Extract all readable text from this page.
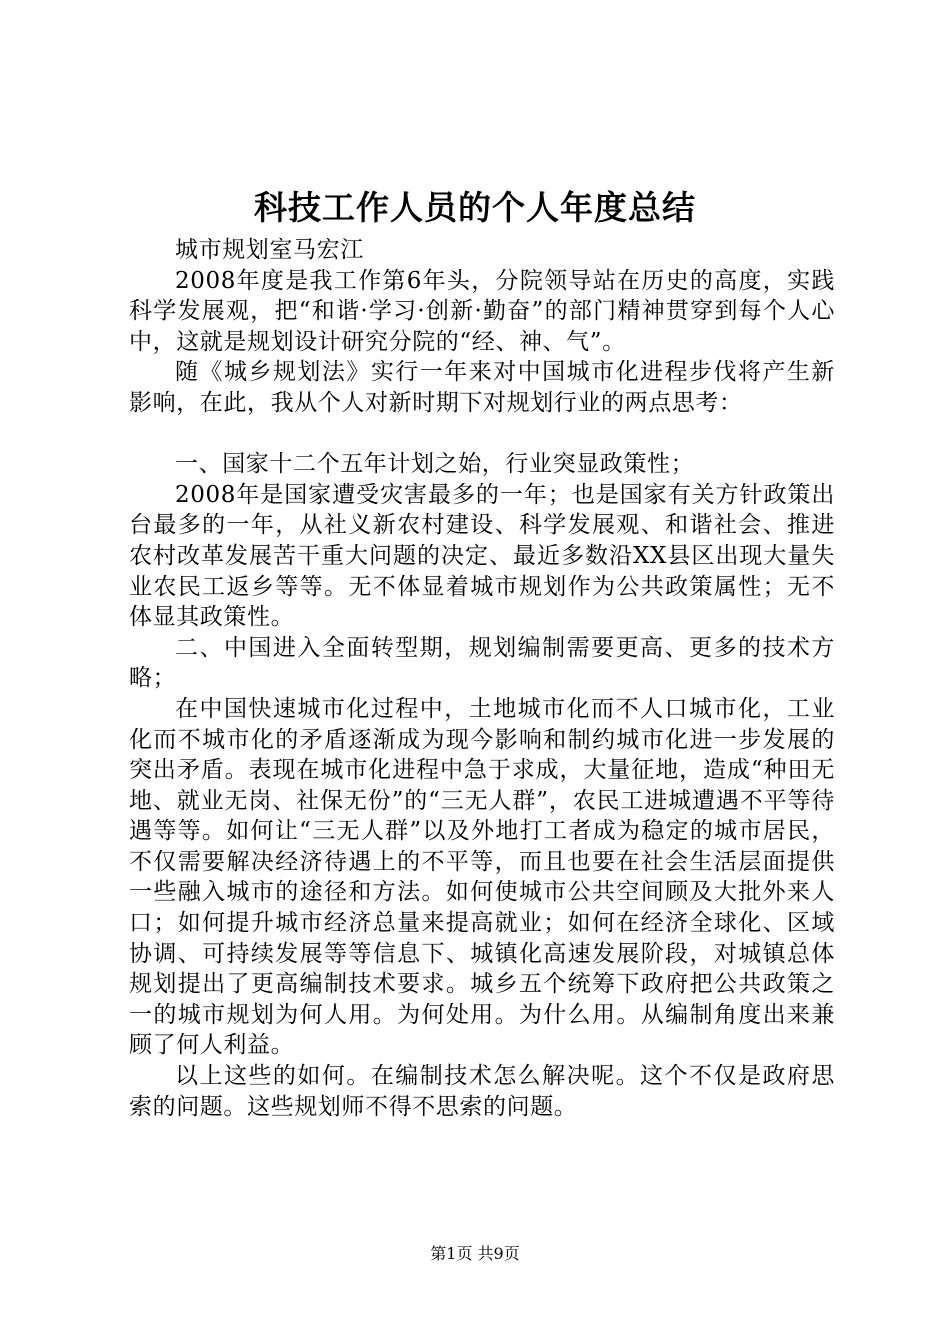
科技工作人员的个人年度总结

城市规划室马宏江

2008年度是我工作第6年头，分院领导站在历史的高度，实践科学发展观，把“和谐·学习·创新·勤奋”的部门精神贯穿到每个人心中，这就是规划设计研究分院的“经、神、气”。

随《城乡规划法》实行一年来对中国城市化进程步伐将产生新影响，在此，我从个人对新时期下对规划行业的两点思考：

一、国家十二个五年计划之始，行业突显政策性；

2008年是国家遭受灾害最多的一年；也是国家有关方针政策出台最多的一年，从社义新农村建设、科学发展观、和谐社会、推进农村改革发展苦干重大问题的决定、最近多数沿XX县区出现大量失业农民工返乡等等。无不体显着城市规划作为公共政策属性；无不体显其政策性。

二、中国进入全面转型期，规划编制需要更高、更多的技术方略；

在中国快速城市化过程中，土地城市化而不人口城市化，工业化而不城市化的矛盾逐渐成为现今影响和制约城市化进一步发展的突出矛盾。表现在城市化进程中急于求成，大量征地，造成“种田无地、就业无岗、社保无份”的“三无人群”，农民工进城遭遇不平等待遇等等。如何让“三无人群”以及外地打工者成为稳定的城市居民，不仅需要解决经济待遇上的不平等，而且也要在社会生活层面提供一些融入城市的途径和方法。如何使城市公共空间顾及大批外来人口；如何提升城市经济总量来提高就业；如何在经济全球化、区域协调、可持续发展等等信息下、城镇化高速发展阶段，对城镇总体规划提出了更高编制技术要求。城乡五个统筹下政府把公共政策之一的城市规划为何人用。为何处用。为什么用。从编制角度出来兼顾了何人利益。

以上这些的如何。在编制技术怎么解决呢。这个不仅是政府思索的问题。这些规划师不得不思索的问题。

第1页 共9页
